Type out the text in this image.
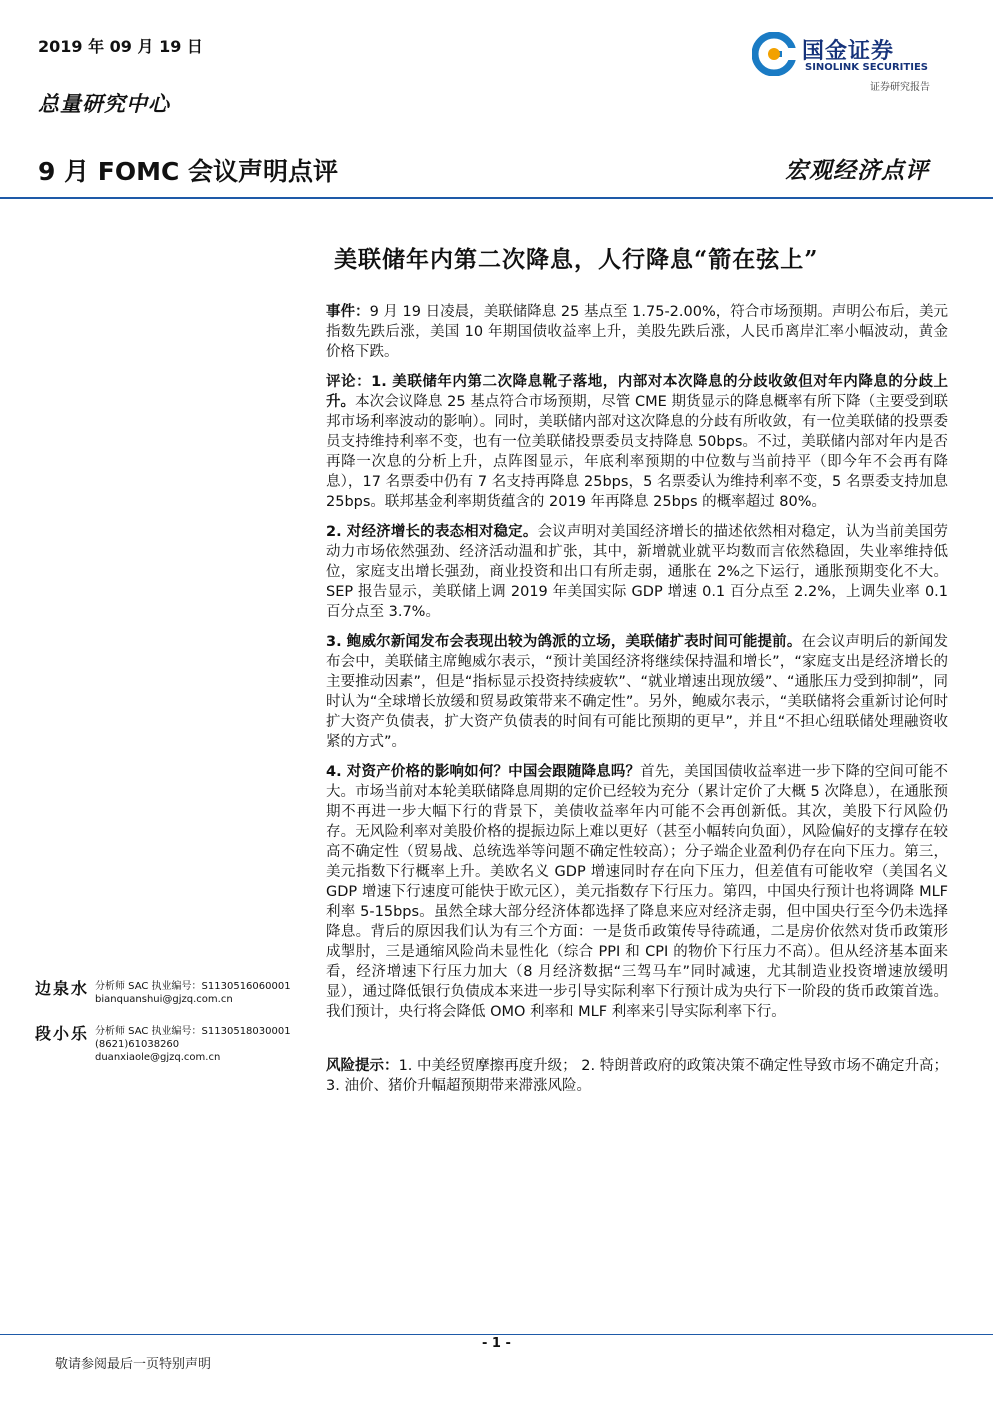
2019 年 09 月 19 日
总量研究中心
国金证券
SINOLINK SECURITIES
证券研究报告
9 月 FOMC 会议声明点评	宏观经济点评
美联储年内第二次降息，人行降息“箭在弦上”

事件：9 月 19 日凌晨，美联储降息 25 基点至 1.75-2.00%，符合市场预期。声明公布后，美元指数先跌后涨，美国 10 年期国债收益率上升，美股先跌后涨，人民币离岸汇率小幅波动，黄金价格下跌。

评论：1. 美联储年内第二次降息靴子落地，内部对本次降息的分歧收敛但对年内降息的分歧上升。本次会议降息 25 基点符合市场预期，尽管 CME 期货显示的降息概率有所下降（主要受到联邦市场利率波动的影响）。同时，美联储内部对这次降息的分歧有所收敛，有一位美联储的投票委员支持维持利率不变，也有一位美联储投票委员支持降息 50bps。不过，美联储内部对年内是否再降一次息的分析上升，点阵图显示，年底利率预期的中位数与当前持平（即今年不会再有降息），17 名票委中仍有 7 名支持再降息 25bps，5 名票委认为维持利率不变，5 名票委支持加息 25bps。联邦基金利率期货蕴含的 2019 年再降息 25bps 的概率超过 80%。

2. 对经济增长的表态相对稳定。会议声明对美国经济增长的描述依然相对稳定，认为当前美国劳动力市场依然强劲、经济活动温和扩张，其中，新增就业就平均数而言依然稳固，失业率维持低位，家庭支出增长强劲，商业投资和出口有所走弱，通胀在 2%之下运行，通胀预期变化不大。SEP 报告显示，美联储上调 2019 年美国实际 GDP 增速 0.1 百分点至 2.2%，上调失业率 0.1 百分点至 3.7%。

3. 鲍威尔新闻发布会表现出较为鸽派的立场，美联储扩表时间可能提前。在会议声明后的新闻发布会中，美联储主席鲍威尔表示，“预计美国经济将继续保持温和增长”，“家庭支出是经济增长的主要推动因素”，但是“指标显示投资持续疲软”、“就业增速出现放缓”、“通胀压力受到抑制”，同时认为“全球增长放缓和贸易政策带来不确定性”。另外，鲍威尔表示，“美联储将会重新讨论何时扩大资产负债表，扩大资产负债表的时间有可能比预期的更早”，并且“不担心纽联储处理融资收紧的方式”。

4. 对资产价格的影响如何？中国会跟随降息吗？首先，美国国债收益率进一步下降的空间可能不大。市场当前对本轮美联储降息周期的定价已经较为充分（累计定价了大概 5 次降息），在通胀预期不再进一步大幅下行的背景下，美债收益率年内可能不会再创新低。其次，美股下行风险仍存。无风险利率对美股价格的提振边际上难以更好（甚至小幅转向负面），风险偏好的支撑存在较高不确定性（贸易战、总统选举等问题不确定性较高）；分子端企业盈利仍存在向下压力。第三，美元指数下行概率上升。美欧名义 GDP 增速同时存在向下压力，但差值有可能收窄（美国名义 GDP 增速下行速度可能快于欧元区），美元指数存下行压力。第四，中国央行预计也将调降 MLF 利率 5-15bps。虽然全球大部分经济体都选择了降息来应对经济走弱，但中国央行至今仍未选择降息。背后的原因我们认为有三个方面：一是货币政策传导待疏通，二是房价依然对货币政策形成掣肘，三是通缩风险尚未显性化（综合 PPI 和 CPI 的物价下行压力不高）。但从经济基本面来看，经济增速下行压力加大（8 月经济数据“三驾马车”同时减速，尤其制造业投资增速放缓明显），通过降低银行负债成本来进一步引导实际利率下行预计成为央行下一阶段的货币政策首选。我们预计，央行将会降低 OMO 利率和 MLF 利率来引导实际利率下行。

风险提示：1. 中美经贸摩擦再度升级； 2. 特朗普政府的政策决策不确定性导致市场不确定升高；3. 油价、猪价升幅超预期带来滞涨风险。

边泉水 分析师 SAC 执业编号：S1130516060001
bianquanshui@gjzq.com.cn
段小乐 分析师 SAC 执业编号：S1130518030001
(8621)61038260
duanxiaole@gjzq.com.cn
- 1 -
敬请参阅最后一页特别声明
